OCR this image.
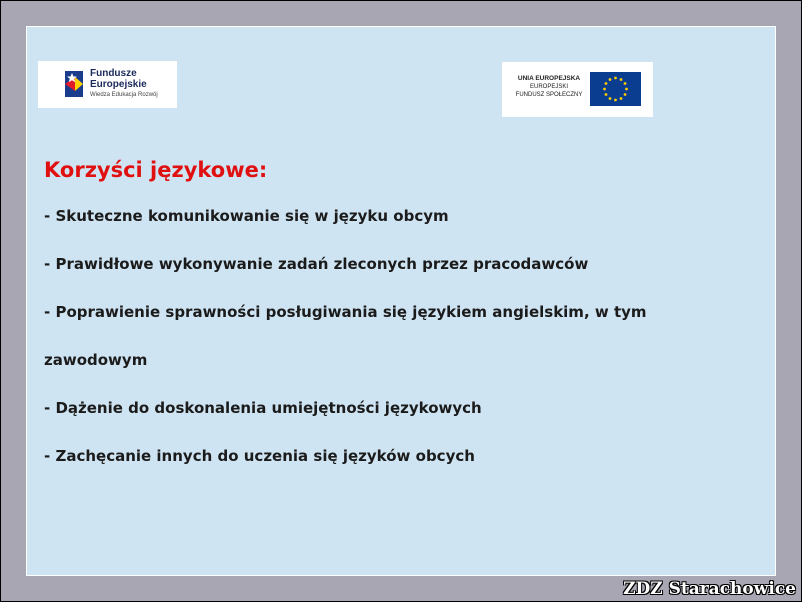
Fundusze
Europejskie
Wiedza Edukacja Rozwój
UNIA EUROPEJSKA
EUROPEJSKI
FUNDUSZ SPOŁECZNY
Korzyści językowe:
- Skuteczne komunikowanie się w języku obcym
- Prawidłowe wykonywanie zadań zleconych przez pracodawców
- Poprawienie sprawności posługiwania się językiem angielskim, w tym
zawodowym
- Dążenie do doskonalenia umiejętności językowych
- Zachęcanie innych do uczenia się języków obcych
ZDZ Starachowice
